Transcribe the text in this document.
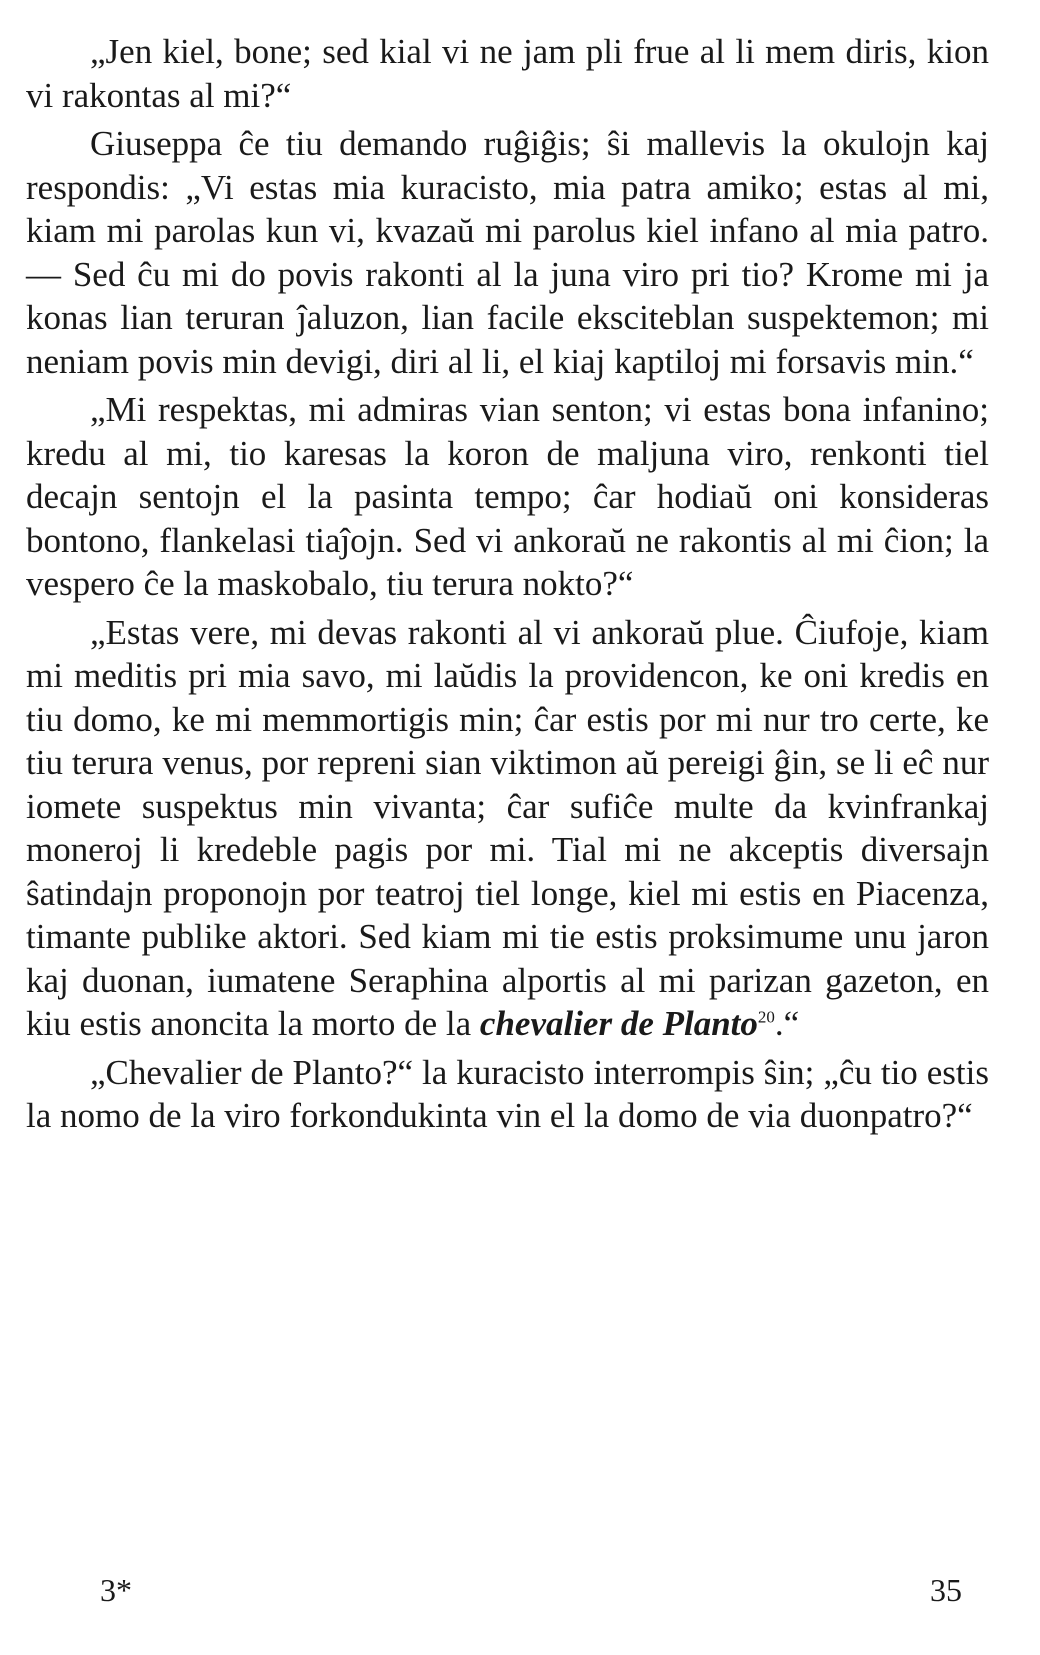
„Jen kiel, bone; sed kial vi ne jam pli frue al li mem diris, kion vi rakontas al mi?“

Giuseppa ĉe tiu demando ruĝiĝis; ŝi mallevis la okulojn kaj respondis: „Vi estas mia kuracisto, mia patra amiko; estas al mi, kiam mi parolas kun vi, kvazaŭ mi parolus kiel infano al mia patro. — Sed ĉu mi do povis rakonti al la juna viro pri tio? Krome mi ja konas lian teruran ĵaluzon, lian facile eksciteblan suspektemon; mi neniam povis min devigi, diri al li, el kiaj kaptiloj mi forsavis min.“

„Mi respektas, mi admiras vian senton; vi estas bona infanino; kredu al mi, tio karesas la koron de maljuna viro, renkonti tiel decajn sentojn el la pasinta tempo; ĉar hodiaŭ oni konsideras bontono, flankelasi tiaĵojn. Sed vi ankoraŭ ne rakontis al mi ĉion; la vespero ĉe la maskobalo, tiu terura nokto?“

„Estas vere, mi devas rakonti al vi ankoraŭ plue. Ĉiufoje, kiam mi meditis pri mia savo, mi laŭdis la providencon, ke oni kredis en tiu domo, ke mi memmortigis min; ĉar estis por mi nur tro certe, ke tiu terura venus, por repreni sian viktimon aŭ pereigi ĝin, se li eĉ nur iomete suspektus min vivanta; ĉar sufiĉe multe da kvinfrankaj moneroj li kredeble pagis por mi. Tial mi ne akceptis diversajn ŝatindajn proponojn por teatroj tiel longe, kiel mi estis en Piacenza, timante publike aktori. Sed kiam mi tie estis proksimume unu jaron kaj duonan, iumatene Seraphina alportis al mi parizan gazeton, en kiu estis anoncita la morto de la chevalier de Planto$^{20}$.“

„Chevalier de Planto?“ la kuracisto interrompis ŝin; „ĉu tio estis la nomo de la viro forkondukinta vin el la domo de via duonpatro?“

3*	35
